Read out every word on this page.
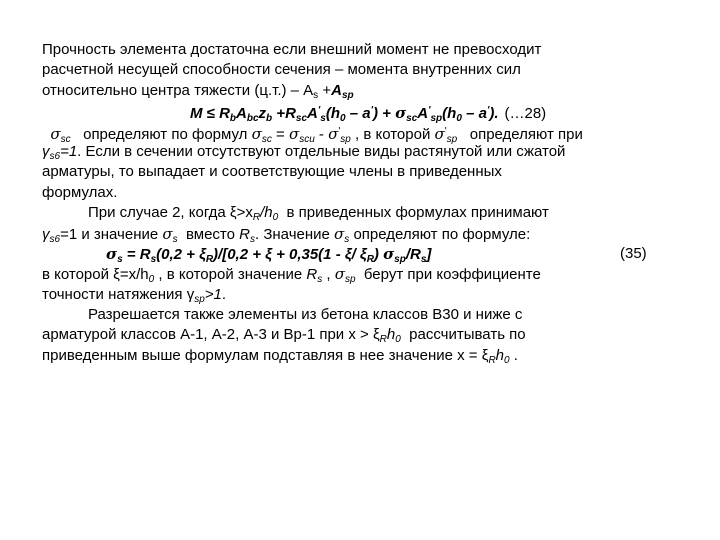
Прочность элемента достаточна если внешний момент не превосходит
расчетной несущей способности сечения – момента внутренних сил
относительно центра тяжести $(ц.т.) - A_s +A_{sp}$
$M \le R_bA_{bc}z_b +R_{sc}A'_s(h_0 - a') + \sigma_{sc}A'_{sp}(h_0 - a')$. (…28)
$\sigma_{sc}$   определяют по формул $\sigma_{sc} = \sigma_{scu} - \sigma'_{sp}$ , в которой $\sigma'_{sp}$   определяют при
$\gamma_{s6}=1$. Если в сечении отсутствуют отдельные виды растянутой или сжатой
арматуры, то выпадает и соответствующие члены в приведенных
формулах.
При случае 2, когда $\xi>x_R/h_0$  в приведенных формулах принимают
$\gamma_{s6}=1$ и значение $\sigma_s$  вместо $R_s$. Значение $\sigma_s$ определяют по формуле:
$\sigma_s = R_s(0,2 + \xi_R)/[0,2 + \xi + 0,35(1 - \xi/$ $\xi_R$) $\sigma_{sp}/R_s$]	(35)
в которой $\xi=x/h_0$ , в которой значение $R_s$ , $\sigma_{sp}$  берут при коэффициенте
точности натяжения $\gamma_{sp}>1$.
Разрешается также элементы из бетона классов В30 и ниже с
арматурой классов А-1, А-2, А-3 и Вр-1 при $x > \xi_Rh_0$  рассчитывать по
приведенным выше формулам подставляя в нее значение $x = \xi_Rh_0$ .
